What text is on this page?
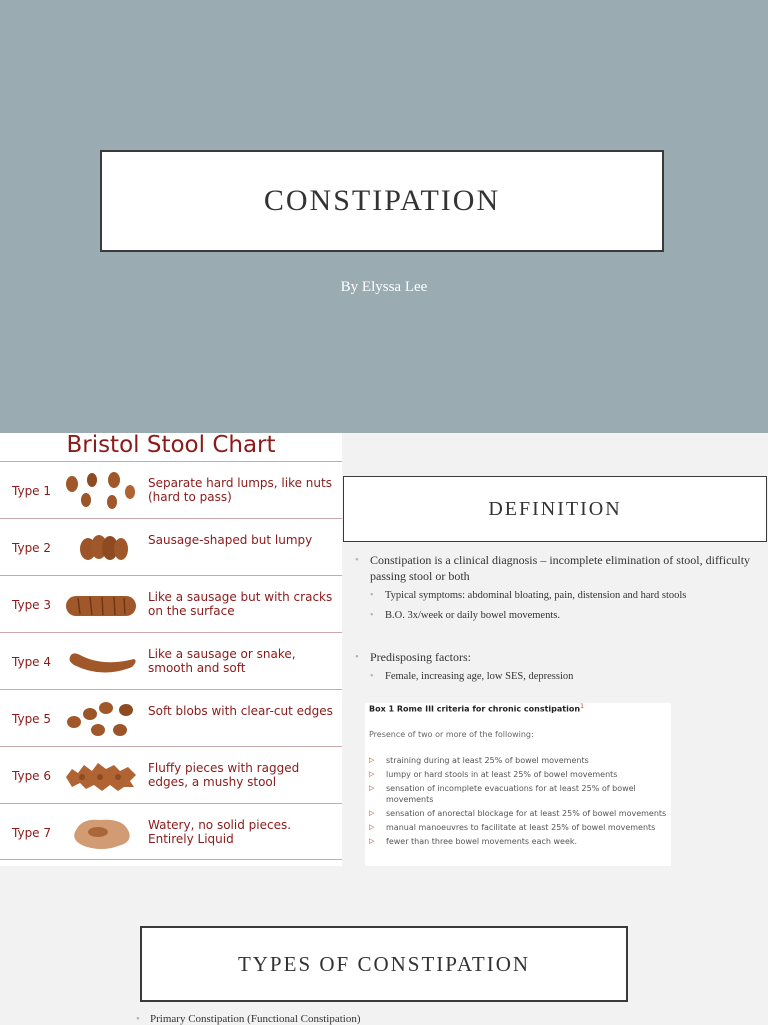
CONSTIPATION
By Elyssa Lee
Bristol Stool Chart
Type 1
Separate hard lumps, like nuts (hard to pass)
Type 2
Sausage-shaped but lumpy
Type 3
Like a sausage but with cracks on the surface
Type 4
Like a sausage or snake, smooth and soft
Type 5
Soft blobs with clear-cut edges
Type 6
Fluffy pieces with ragged edges, a mushy stool
Type 7
Watery, no solid pieces. Entirely Liquid
DEFINITION
• Constipation is a clinical diagnosis – incomplete elimination of stool, difficulty passing stool or both
• Typical symptoms: abdominal bloating, pain, distension and hard stools
• B.O. 3x/week or daily bowel movements.
• Predisposing factors:
• Female, increasing age, low SES, depression
Box 1 Rome III criteria for chronic constipation$^1$
Presence of two or more of the following:
▷ straining during at least 25% of bowel movements
▷ lumpy or hard stools in at least 25% of bowel movements
▷ sensation of incomplete evacuations for at least 25% of bowel movements
▷ sensation of anorectal blockage for at least 25% of bowel movements
▷ manual manoeuvres to facilitate at least 25% of bowel movements
▷ fewer than three bowel movements each week.
TYPES OF CONSTIPATION
• Primary Constipation (Functional Constipation)
